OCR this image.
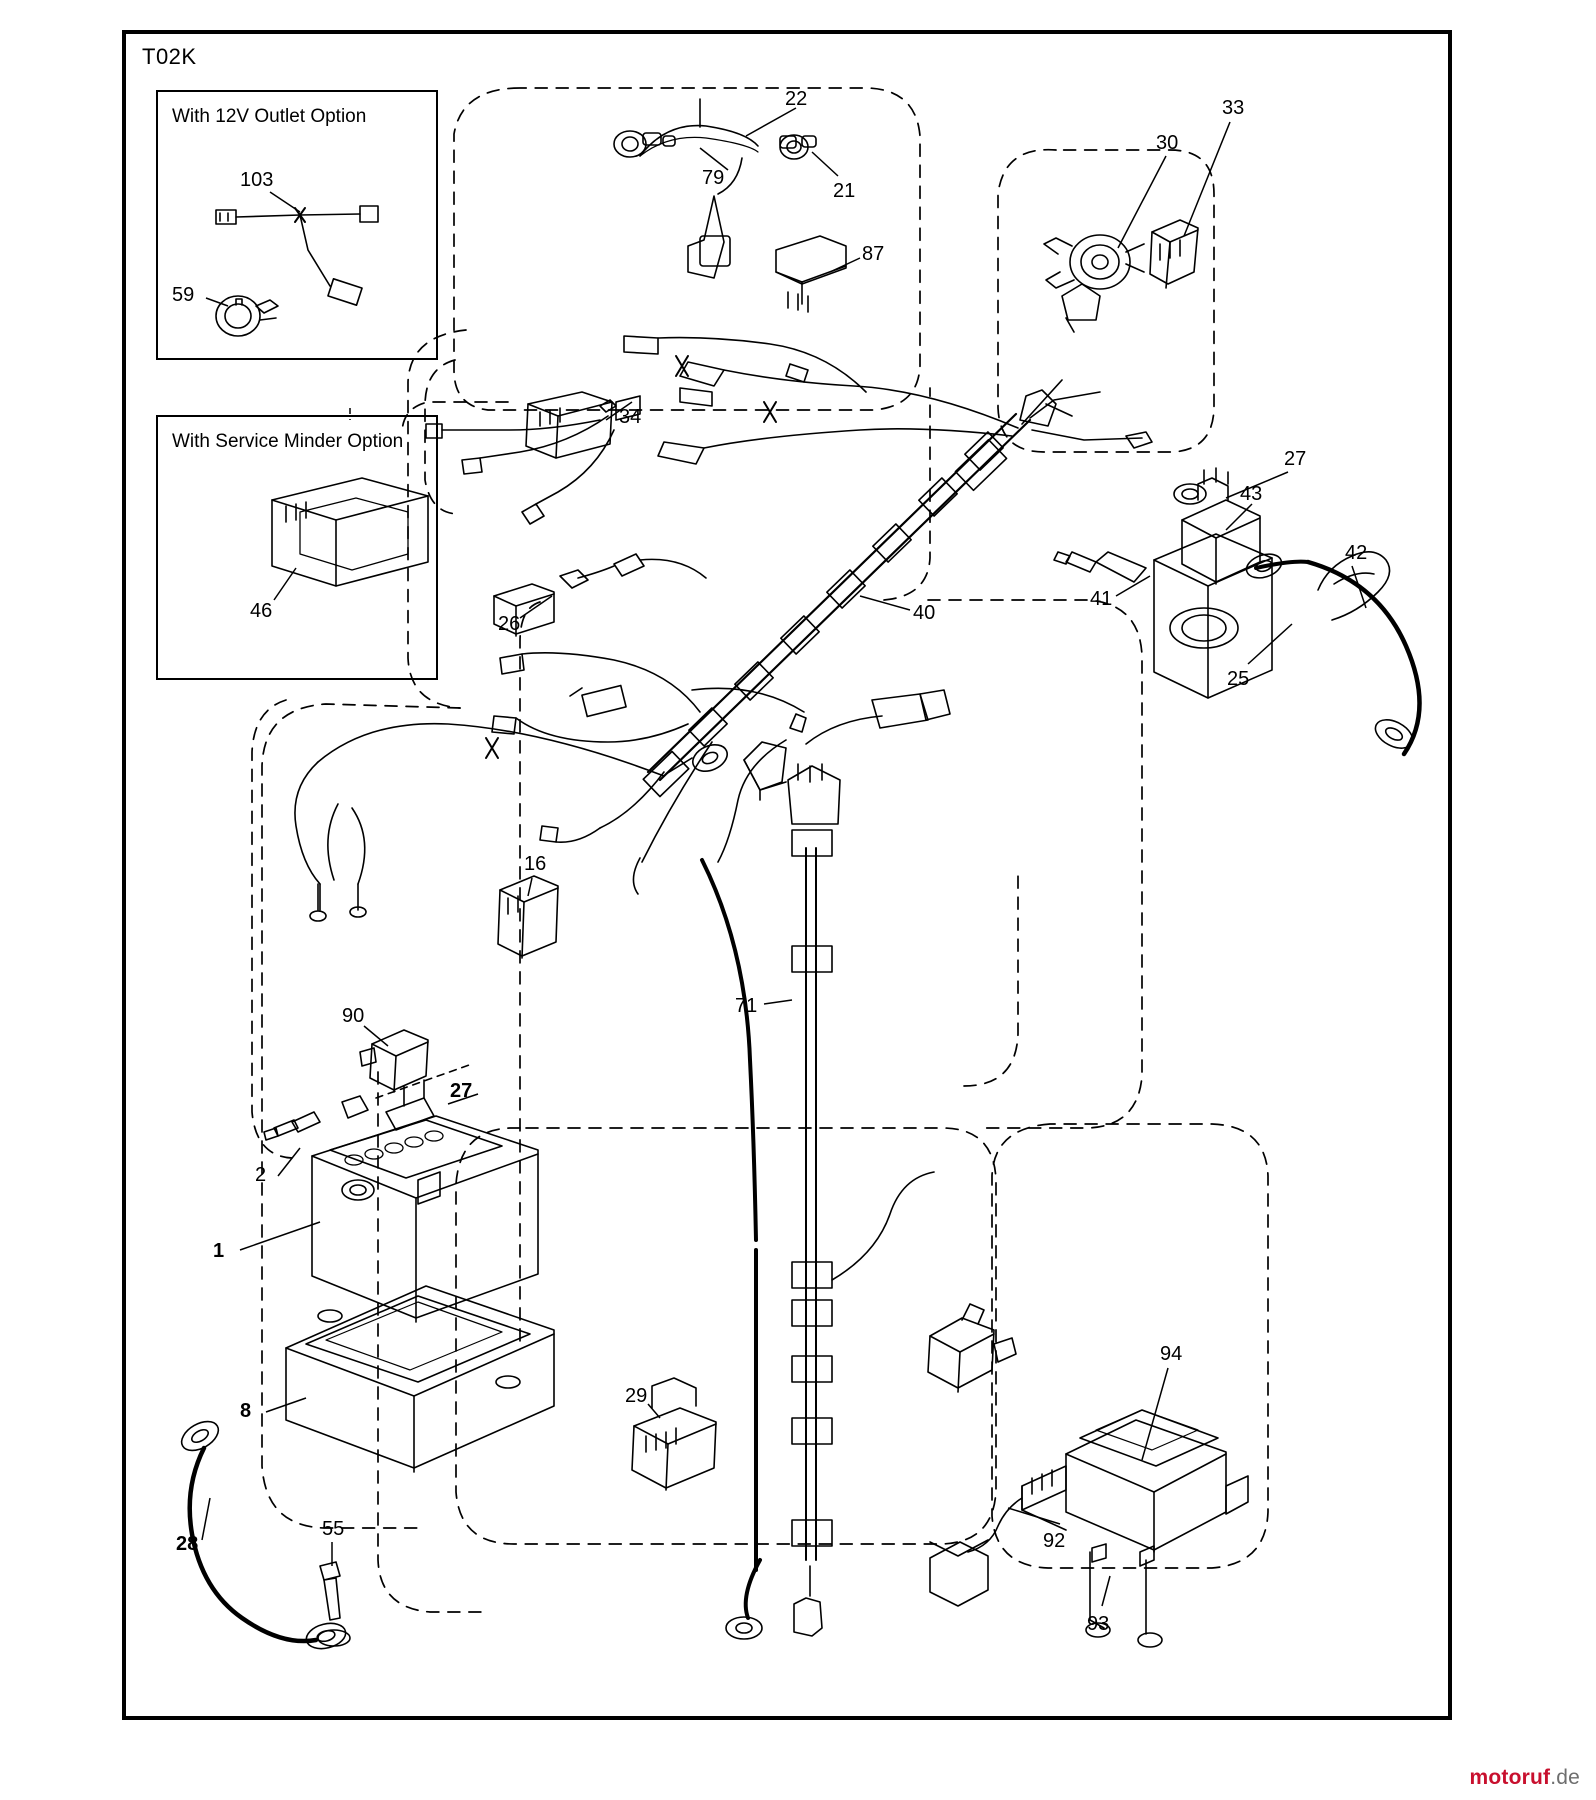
T02K
With 12V Outlet Option
With Service Minder Option
103
59
46
22
79
21
87
33
30
34
27
43
42
41
25
40
26
16
71
90
27
2
1
8
29
94
92
93
28
55
motoruf.de
